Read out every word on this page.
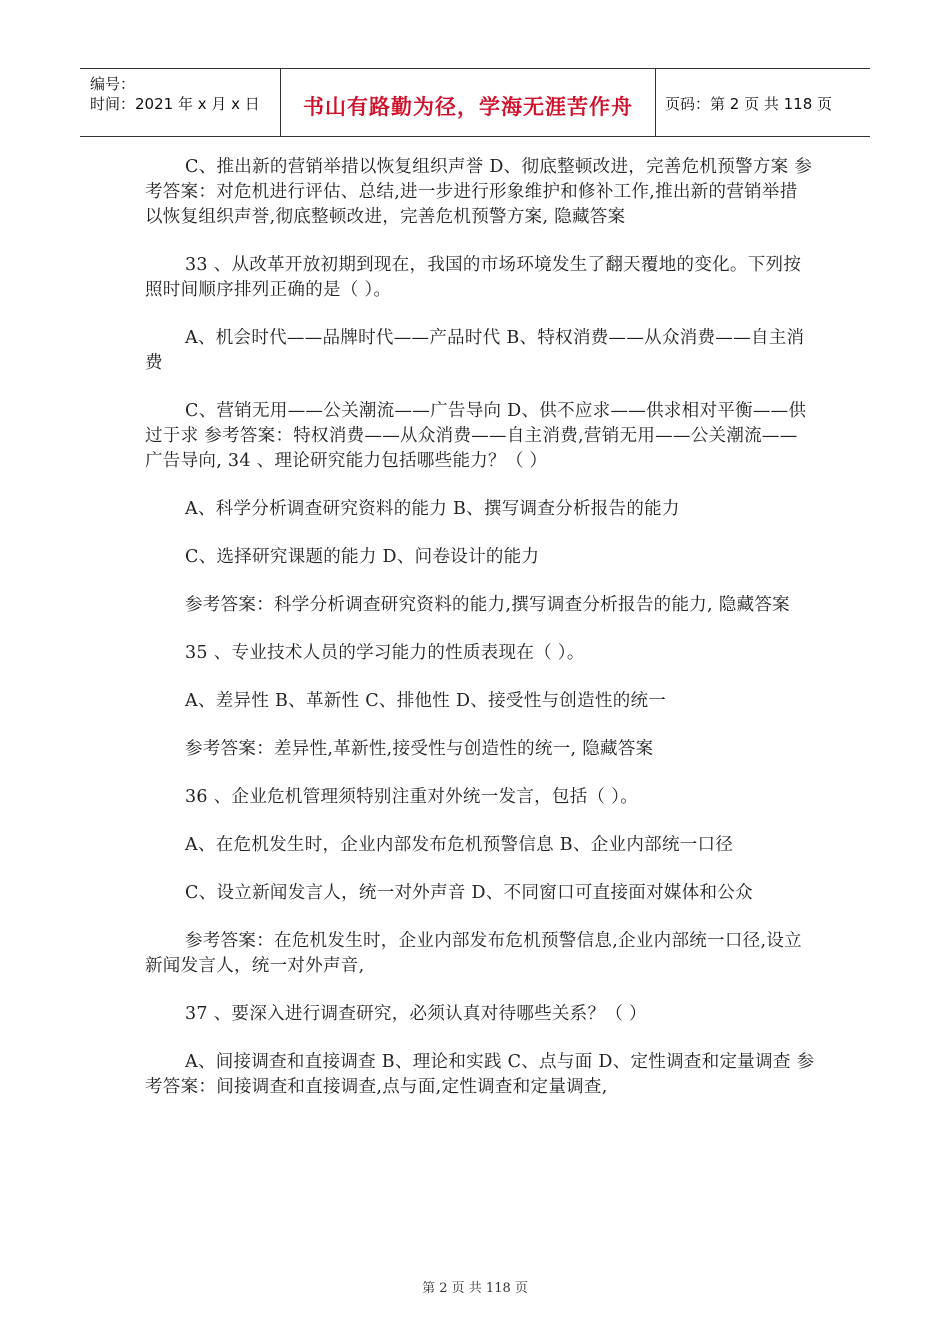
编号：
时间：2021 年 x 月 x 日	书山有路勤为径，学海无涯苦作舟	页码：第 2 页 共 118 页

C、推出新的营销举措以恢复组织声誉 D、彻底整顿改进，完善危机预警方案 参考答案：对危机进行评估、总结,进一步进行形象维护和修补工作,推出新的营销举措以恢复组织声誉,彻底整顿改进，完善危机预警方案, 隐藏答案

33 、从改革开放初期到现在，我国的市场环境发生了翻天覆地的变化。下列按照时间顺序排列正确的是（ ）。

A、机会时代——品牌时代——产品时代 B、特权消费——从众消费——自主消费

C、营销无用——公关潮流——广告导向 D、供不应求——供求相对平衡——供过于求 参考答案：特权消费——从众消费——自主消费,营销无用——公关潮流——广告导向, 34 、理论研究能力包括哪些能力？（ ）

A、科学分析调查研究资料的能力 B、撰写调查分析报告的能力

C、选择研究课题的能力 D、问卷设计的能力

参考答案：科学分析调查研究资料的能力,撰写调查分析报告的能力, 隐藏答案

35 、专业技术人员的学习能力的性质表现在（ ）。

A、差异性 B、革新性 C、排他性 D、接受性与创造性的统一

参考答案：差异性,革新性,接受性与创造性的统一, 隐藏答案

36 、企业危机管理须特别注重对外统一发言，包括（ ）。

A、在危机发生时，企业内部发布危机预警信息 B、企业内部统一口径

C、设立新闻发言人，统一对外声音 D、不同窗口可直接面对媒体和公众

参考答案：在危机发生时，企业内部发布危机预警信息,企业内部统一口径,设立新闻发言人，统一对外声音,

37 、要深入进行调查研究，必须认真对待哪些关系？（ ）

A、间接调查和直接调查 B、理论和实践 C、点与面 D、定性调查和定量调查 参考答案：间接调查和直接调查,点与面,定性调查和定量调查,

第 2 页 共 118 页
